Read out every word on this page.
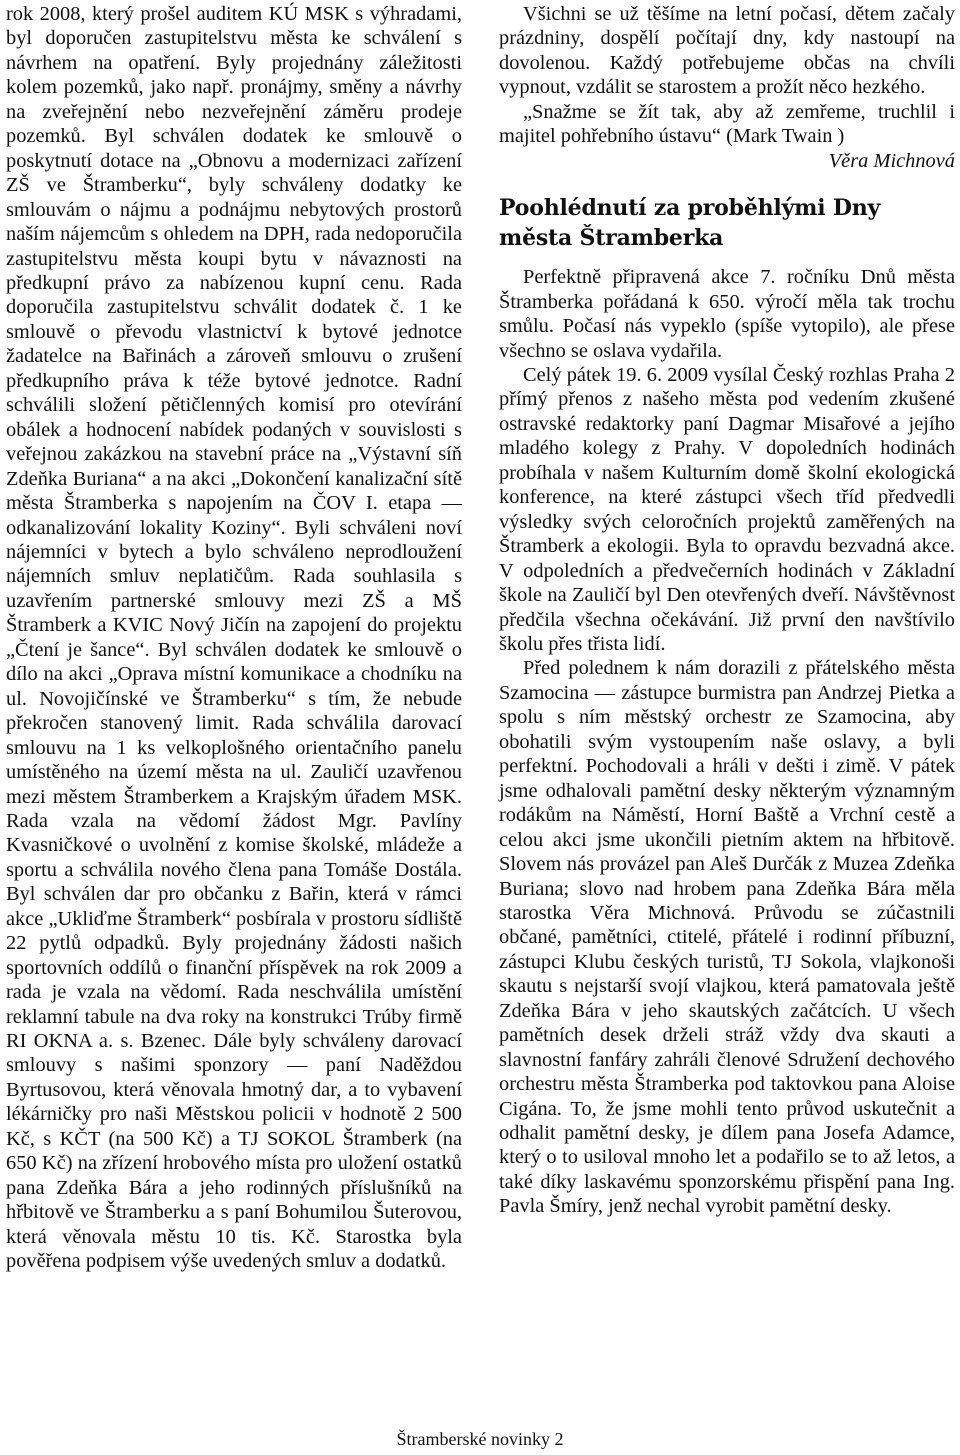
rok 2008, který prošel auditem KÚ MSK s výhradami, byl doporučen zastupitelstvu města ke schválení s návrhem na opatření. Byly projednány záležitosti kolem pozemků, jako např. pronájmy, směny a návrhy na zveřejnění nebo nezveřejnění záměru prodeje pozemků. Byl schválen dodatek ke smlouvě o poskytnutí dotace na „Obnovu a modernizaci zařízení ZŠ ve Štramberku“, byly schváleny dodatky ke smlouvám o nájmu a podnájmu nebytových prostorů naším nájemcům s ohledem na DPH, rada nedoporučila zastupitelstvu města koupi bytu v návaznosti na předkupní právo za nabízenou kupní cenu. Rada doporučila zastupitelstvu schválit dodatek č. 1 ke smlouvě o převodu vlastnictví k bytové jednotce žadatelce na Bařinách a zároveň smlouvu o zrušení předkupního práva k téže bytové jednotce. Radní schválili složení pětičlenných komisí pro otevírání obálek a hodnocení nabídek podaných v souvislosti s veřejnou zakázkou na stavební práce na „Výstavní síň Zdeňka Buriana“ a na akci „Dokončení kanalizační sítě města Štramberka s napojením na ČOV I. etapa — odkanalizování lokality Koziny“. Byli schváleni noví nájemníci v bytech a bylo schváleno neprodloužení nájemních smluv neplatičům. Rada souhlasila s uzavřením partnerské smlouvy mezi ZŠ a MŠ Štramberk a KVIC Nový Jičín na zapojení do projektu „Čtení je šance“. Byl schválen dodatek ke smlouvě o dílo na akci „Oprava místní komunikace a chodníku na ul. Novojičínské ve Štramberku“ s tím, že nebude překročen stanovený limit. Rada schválila darovací smlouvu na 1 ks velkoplošného orientačního panelu umístěného na území města na ul. Zauličí uzavřenou mezi městem Štramberkem a Krajským úřadem MSK. Rada vzala na vědomí žádost Mgr. Pavlíny Kvasničkové o uvolnění z komise školské, mládeže a sportu a schválila nového člena pana Tomáše Dostála. Byl schválen dar pro občanku z Bařin, která v rámci akce „Ukliďme Štramberk“ posbírala v prostoru sídliště 22 pytlů odpadků. Byly projednány žádosti našich sportovních oddílů o finanční příspěvek na rok 2009 a rada je vzala na vědomí. Rada neschválila umístění reklamní tabule na dva roky na konstrukci Trúby firmě RI OKNA a. s. Bzenec. Dále byly schváleny darovací smlouvy s našimi sponzory — paní Naděždou Byrtusovou, která věnovala hmotný dar, a to vybavení lékárničky pro naši Městskou policii v hodnotě 2 500 Kč, s KČT (na 500 Kč) a TJ SOKOL Štramberk (na 650 Kč) na zřízení hrobového místa pro uložení ostatků pana Zdeňka Bára a jeho rodinných příslušníků na hřbitově ve Štramberku a s paní Bohumilou Šuterovou, která věnovala městu 10 tis. Kč. Starostka byla pověřena podpisem výše uvedených smluv a dodatků.

Všichni se už těšíme na letní počasí, dětem začaly prázdniny, dospělí počítají dny, kdy nastoupí na dovolenou. Každý potřebujeme občas na chvíli vypnout, vzdálit se starostem a prožít něco hezkého.

„Snažme se žít tak, aby až zemřeme, truchlil i majitel pohřebního ústavu“ (Mark Twain )

Věra Michnová

Poohlédnutí za proběhlými Dny města Štramberka

Perfektně připravená akce 7. ročníku Dnů města Štramberka pořádaná k 650. výročí měla tak trochu smůlu. Počasí nás vypeklo (spíše vytopilo), ale přese všechno se oslava vydařila.

Celý pátek 19. 6. 2009 vysílal Český rozhlas Praha 2 přímý přenos z našeho města pod vedením zkušené ostravské redaktorky paní Dagmar Misařové a jejího mladého kolegy z Prahy. V dopoledních hodinách probíhala v našem Kulturním domě školní ekologická konference, na které zástupci všech tříd předvedli výsledky svých celoročních projektů zaměřených na Štramberk a ekologii. Byla to opravdu bezvadná akce. V odpoledních a předvečerních hodinách v Základní škole na Zauličí byl Den otevřených dveří. Návštěvnost předčila všechna očekávání. Již první den navštívilo školu přes třista lidí.

Před polednem k nám dorazili z přátelského města Szamocina — zástupce burmistra pan Andrzej Pietka a spolu s ním městský orchestr ze Szamocina, aby obohatili svým vystoupením naše oslavy, a byli perfektní. Pochodovali a hráli v dešti i zimě. V pátek jsme odhalovali pamětní desky některým významným rodákům na Náměstí, Horní Baště a Vrchní cestě a celou akci jsme ukončili pietním aktem na hřbitově. Slovem nás provázel pan Aleš Durčák z Muzea Zdeňka Buriana; slovo nad hrobem pana Zdeňka Bára měla starostka Věra Michnová. Průvodu se zúčastnili občané, pamětníci, ctitelé, přátelé i rodinní příbuzní, zástupci Klubu českých turistů, TJ Sokola, vlajkonoši skautu s nejstarší svojí vlajkou, která pamatovala ještě Zdeňka Bára v jeho skautských začátcích. U všech pamětních desek drželi stráž vždy dva skauti a slavnostní fanfáry zahráli členové Sdružení dechového orchestru města Štramberka pod taktovkou pana Aloise Cigána. To, že jsme mohli tento průvod uskutečnit a odhalit pamětní desky, je dílem pana Josefa Adamce, který o to usiloval mnoho let a podařilo se to až letos, a také díky laskavému sponzorskému přispění pana Ing. Pavla Šmíry, jenž nechal vyrobit pamětní desky.

Štramberské novinky 2
